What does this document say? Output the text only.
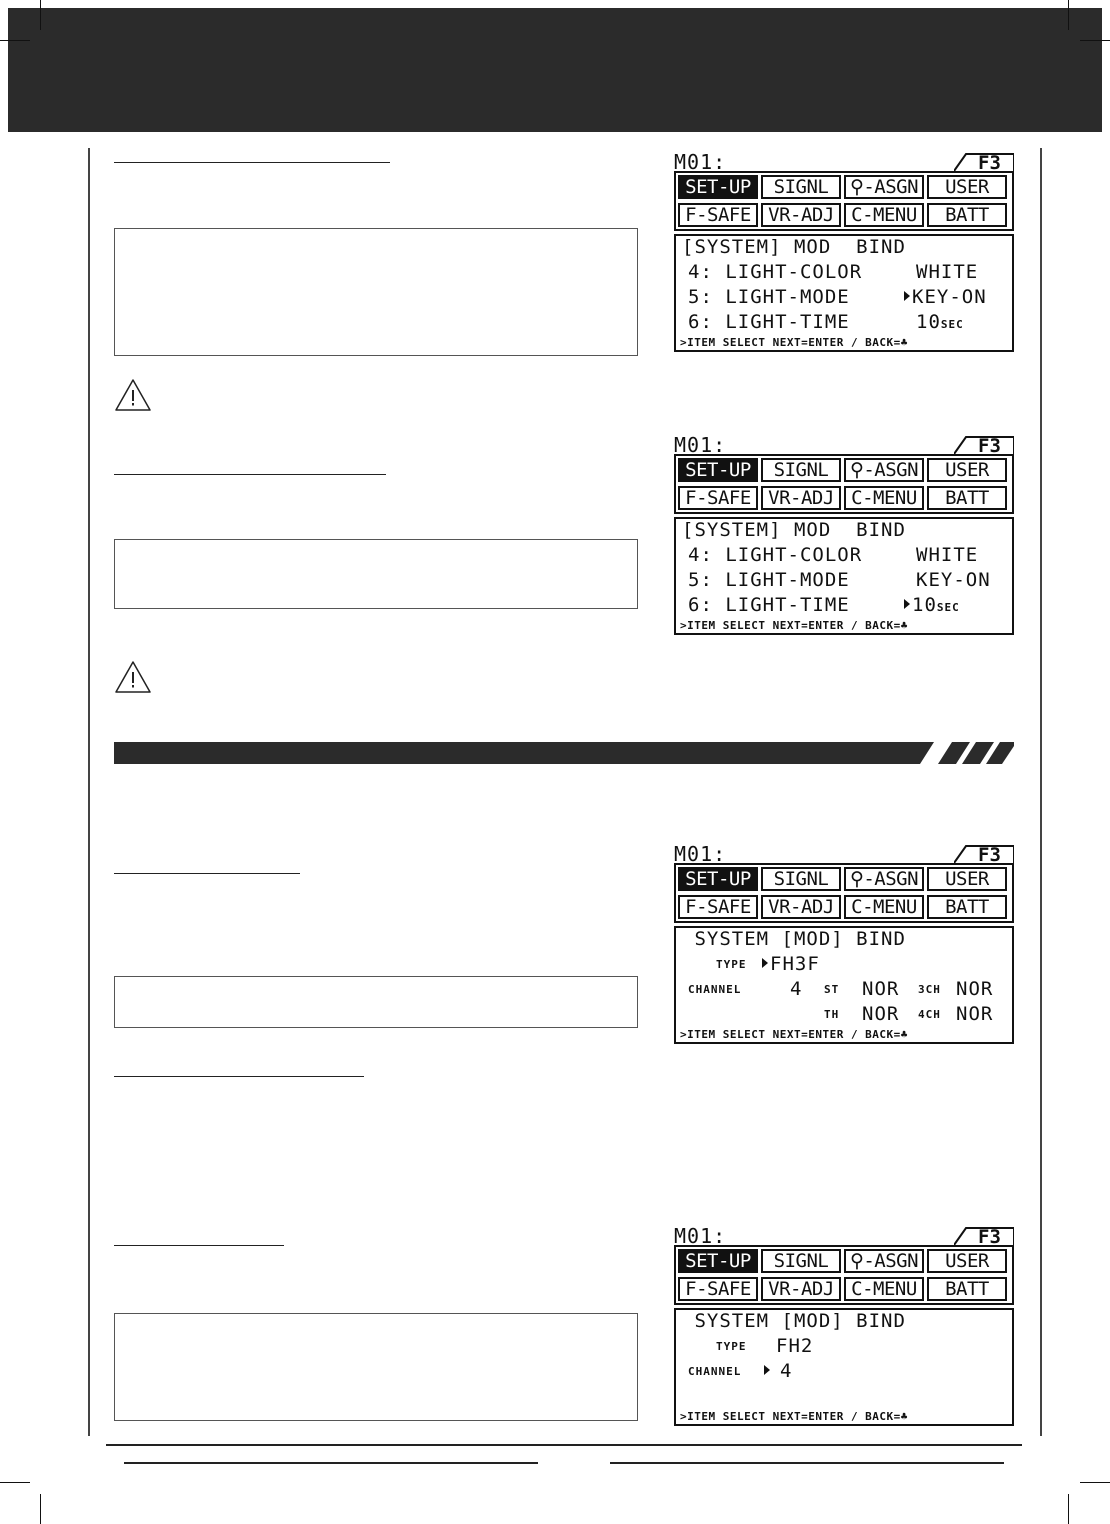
M01:	F3
SET-UP	SIGNL	⚲-ASGN	USER
F-SAFE VR-ADJ C-MENU	BATT
[SYSTEM] MOD  BIND
4: LIGHT-COLOR	WHITE
5: LIGHT-MODE	KEY-ON
6: LIGHT-TIME	10SEC
>ITEM SELECT NEXT=ENTER / BACK=♣
M01:	F3
SET-UP	SIGNL	⚲-ASGN	USER
F-SAFE VR-ADJ C-MENU	BATT
[SYSTEM] MOD  BIND
4: LIGHT-COLOR	WHITE
5: LIGHT-MODE	KEY-ON
6: LIGHT-TIME	10SEC
>ITEM SELECT NEXT=ENTER / BACK=♣
M01:	F3
SET-UP	SIGNL	⚲-ASGN	USER
F-SAFE VR-ADJ C-MENU	BATT
SYSTEM [MOD] BIND
TYPE	FH3F
CHANNEL	4 ST NOR 3CH NOR
TH NOR 4CH NOR
>ITEM SELECT NEXT=ENTER / BACK=♣
M01:	F3
SET-UP	SIGNL	⚲-ASGN	USER
F-SAFE VR-ADJ C-MENU	BATT
SYSTEM [MOD] BIND
TYPE FH2
CHANNEL	4
>ITEM SELECT NEXT=ENTER / BACK=♣
